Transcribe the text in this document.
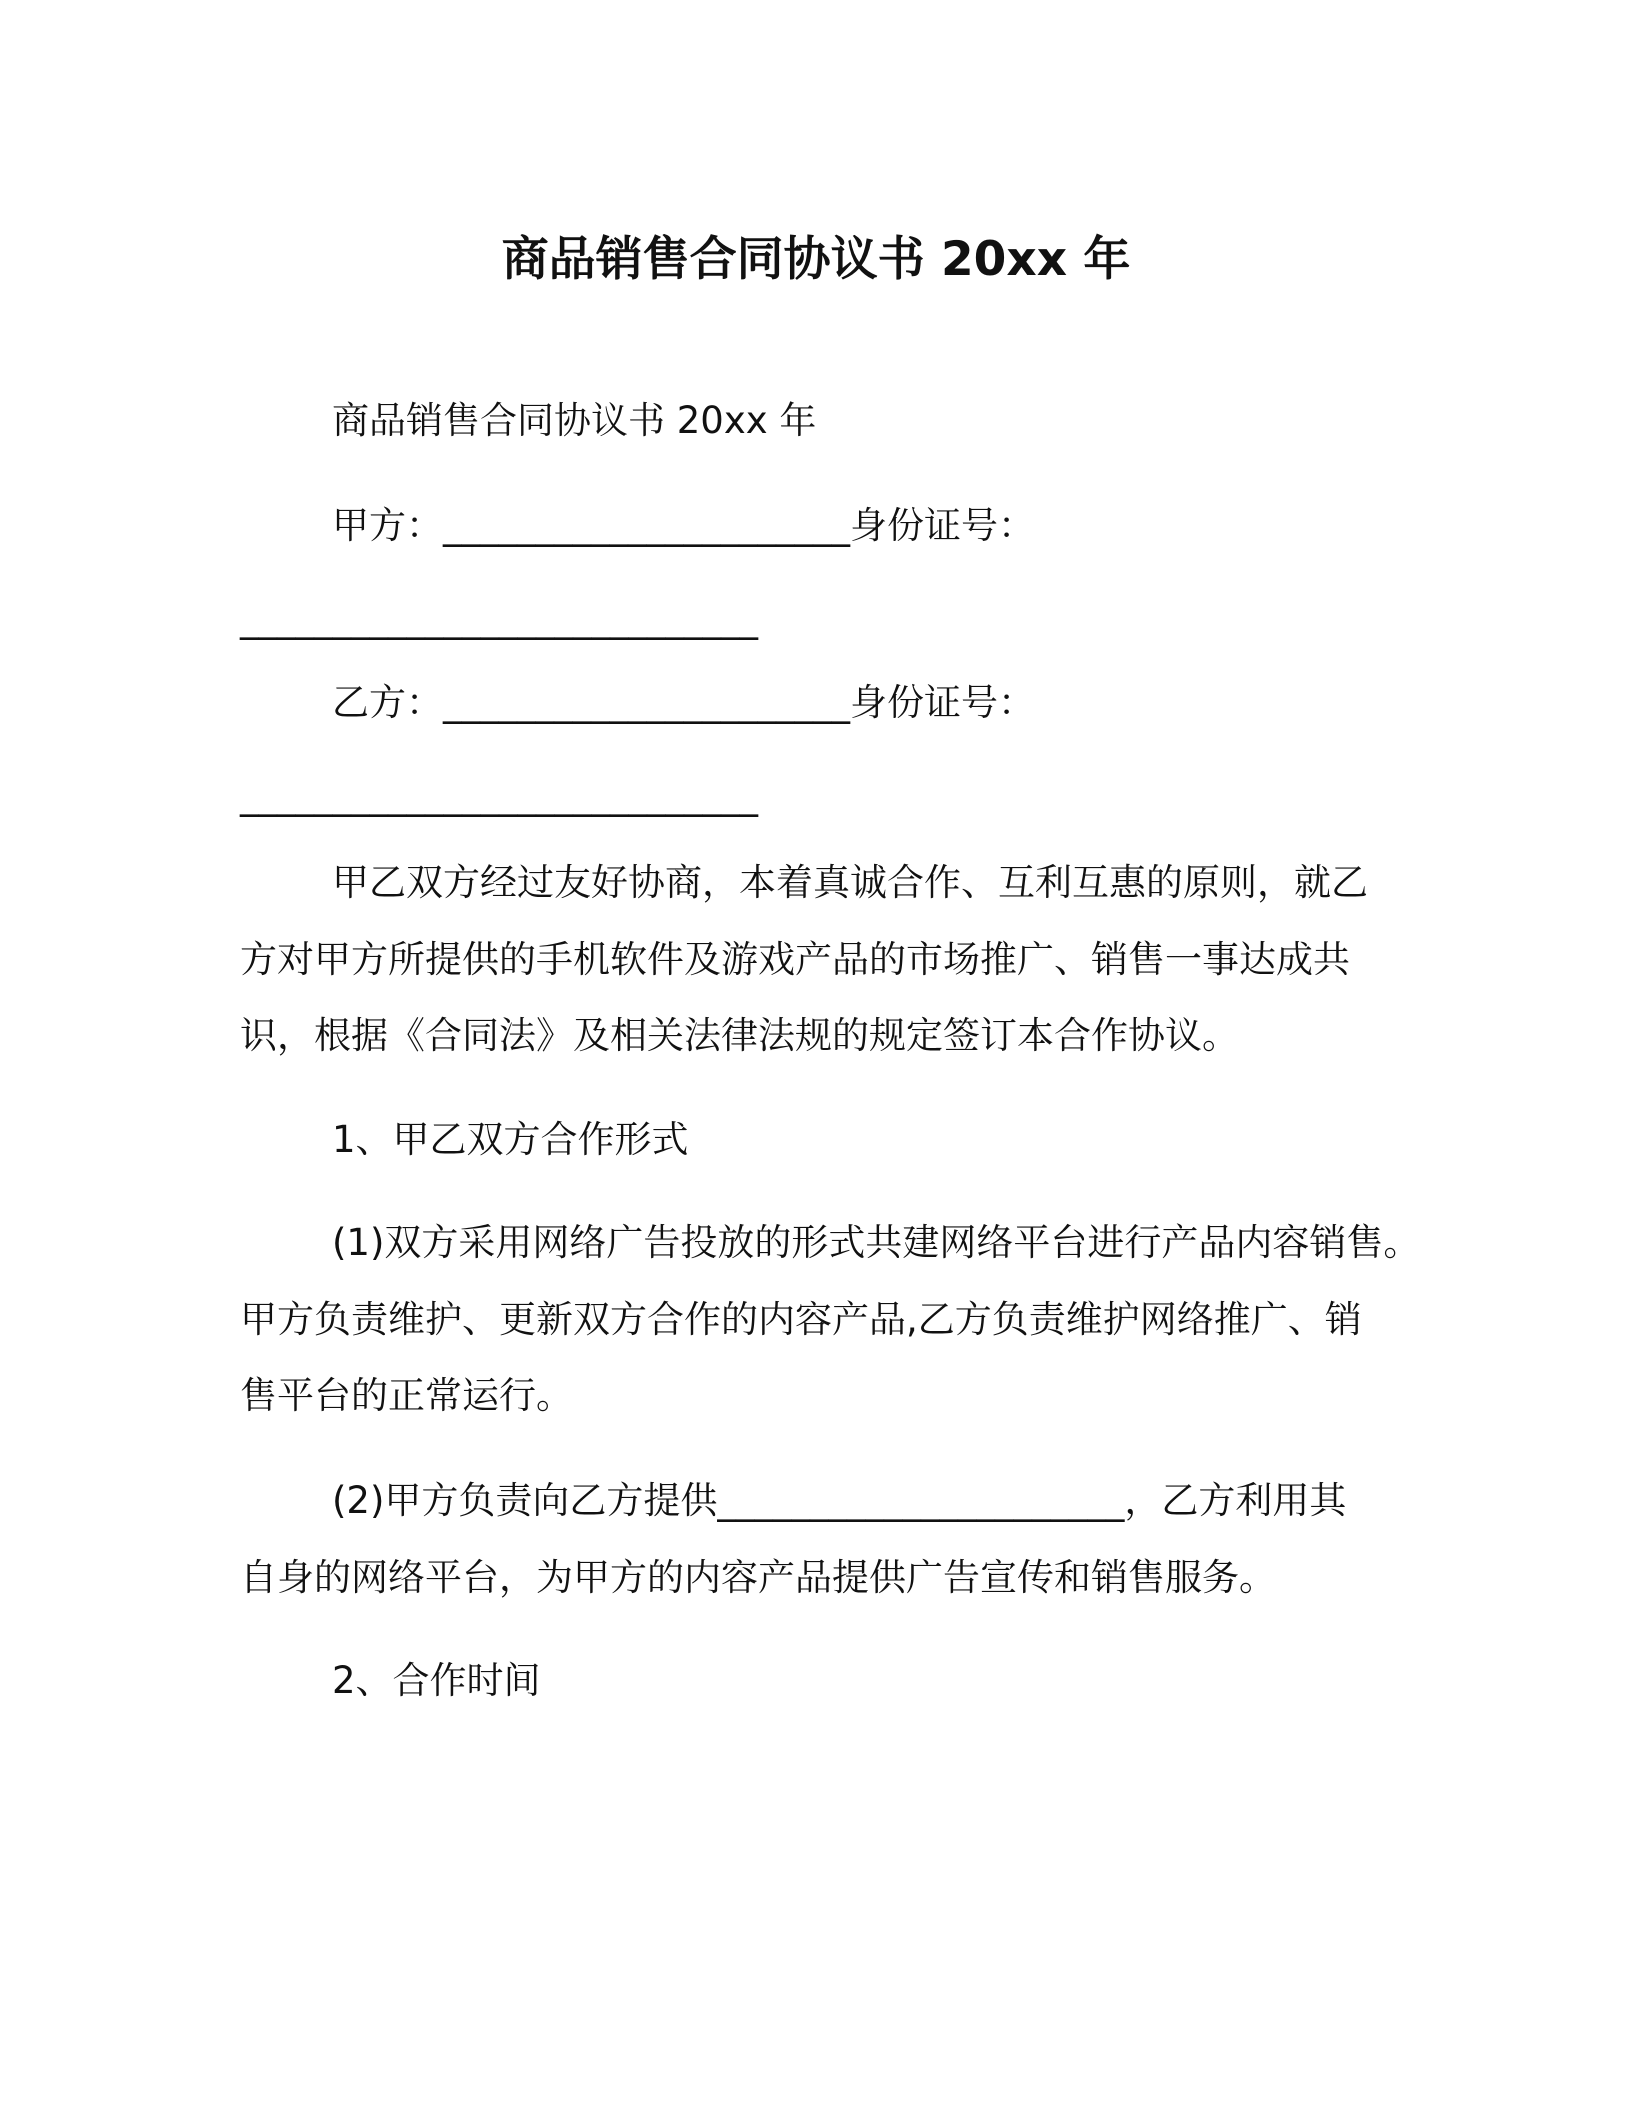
商品销售合同协议书 20xx 年
商品销售合同协议书 20xx 年
甲方：______________________身份证号：
____________________________
乙方：______________________身份证号：
____________________________
甲乙双方经过友好协商，本着真诚合作、互利互惠的原则，就乙
方对甲方所提供的手机软件及游戏产品的市场推广、销售一事达成共
识，根据《合同法》及相关法律法规的规定签订本合作协议。
1、甲乙双方合作形式
(1)双方采用网络广告投放的形式共建网络平台进行产品内容销售。
甲方负责维护、更新双方合作的内容产品,乙方负责维护网络推广、销
售平台的正常运行。
(2)甲方负责向乙方提供______________________，乙方利用其
自身的网络平台，为甲方的内容产品提供广告宣传和销售服务。
2、合作时间
